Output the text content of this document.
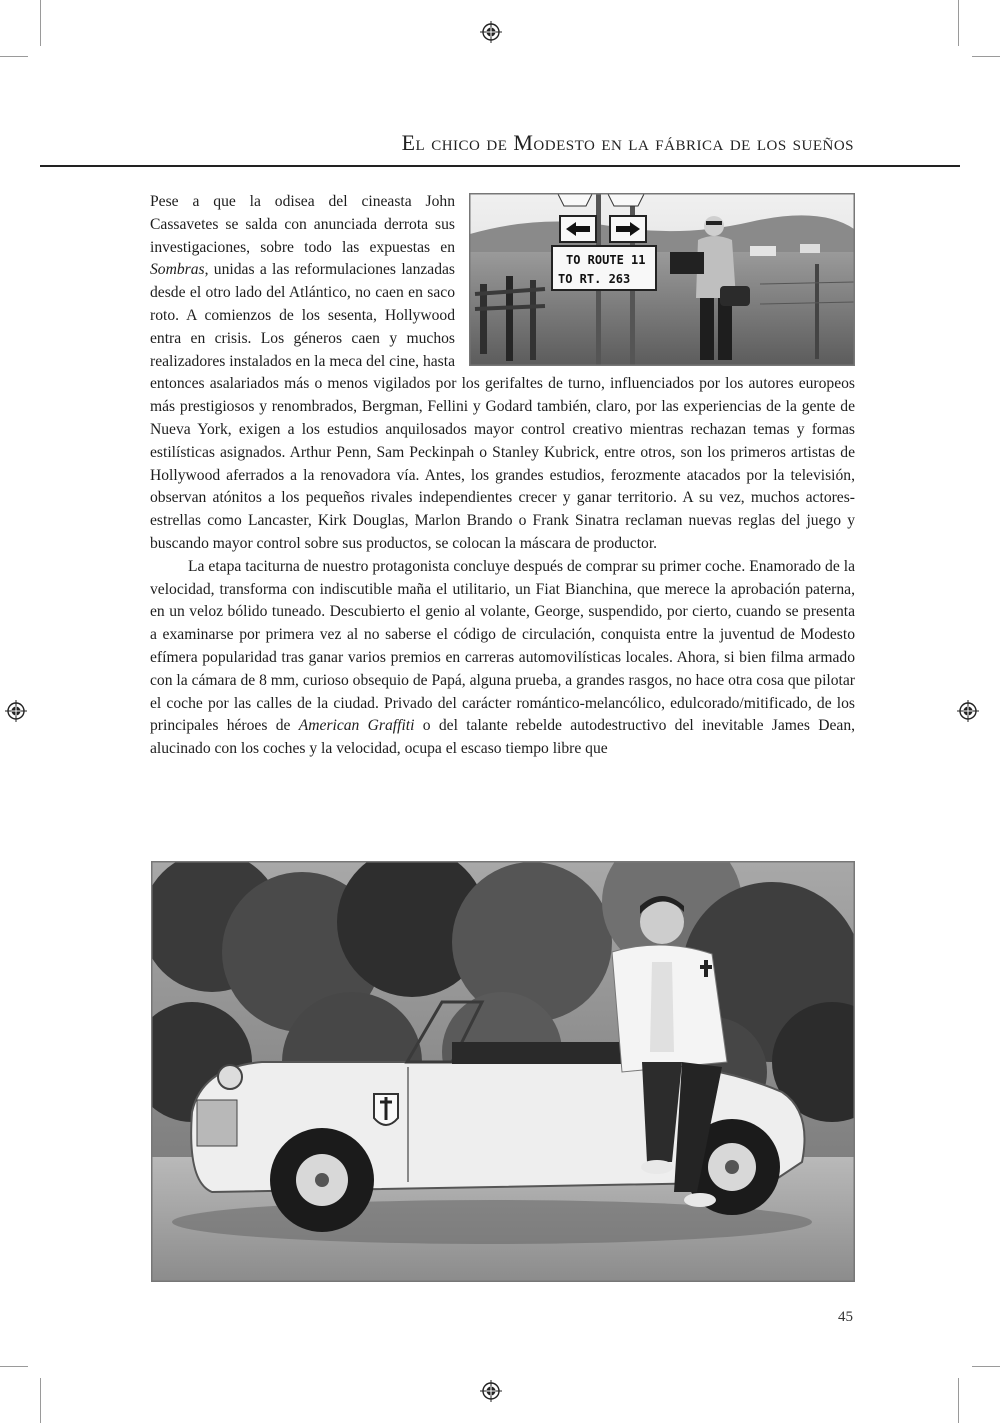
El chico de Modesto en la fábrica de los sueños
TO ROUTE 11
TO RT. 263

Pese a que la odisea del cineasta John Cassavetes se salda con anunciada derrota sus investigaciones, sobre todo las expuestas en Sombras, unidas a las reformulaciones lanzadas desde el otro lado del Atlántico, no caen en saco roto. A comienzos de los sesenta, Hollywood entra en crisis. Los géneros caen y muchos realizadores instalados en la meca del cine, hasta entonces asalariados más o menos vigilados por los gerifaltes de turno, influenciados por los autores europeos más prestigiosos y renombrados, Bergman, Fellini y Godard también, claro, por las experiencias de la gente de Nueva York, exigen a los estudios anquilosados mayor control creativo mientras rechazan temas y formas estilísticas asignados. Arthur Penn, Sam Peckinpah o Stanley Kubrick, entre otros, son los primeros artistas de Hollywood aferrados a la renovadora vía. Antes, los grandes estudios, ferozmente atacados por la televisión, observan atónitos a los pequeños rivales independientes crecer y ganar territorio. A su vez, muchos actores-estrellas como Lancaster, Kirk Douglas, Marlon Brando o Frank Sinatra reclaman nuevas reglas del juego y buscando mayor control sobre sus productos, se colocan la máscara de productor.

La etapa taciturna de nuestro protagonista concluye después de comprar su primer coche. Enamorado de la velocidad, transforma con indiscutible maña el utilitario, un Fiat Bianchina, que merece la aprobación paterna, en un veloz bólido tuneado. Descubierto el genio al volante, George, suspendido, por cierto, cuando se presenta a examinarse por primera vez al no saberse el código de circulación, conquista entre la juventud de Modesto efímera popularidad tras ganar varios premios en carreras automovilísticas locales. Ahora, si bien filma armado con la cámara de 8 mm, curioso obsequio de Papá, alguna prueba, a grandes rasgos, no hace otra cosa que pilotar el coche por las calles de la ciudad. Privado del carácter romántico-melancólico, edulcorado/mitificado, de los principales héroes de American Graffiti o del talante rebelde autodestructivo del inevitable James Dean, alucinado con los coches y la velocidad, ocupa el escaso tiempo libre que

45
